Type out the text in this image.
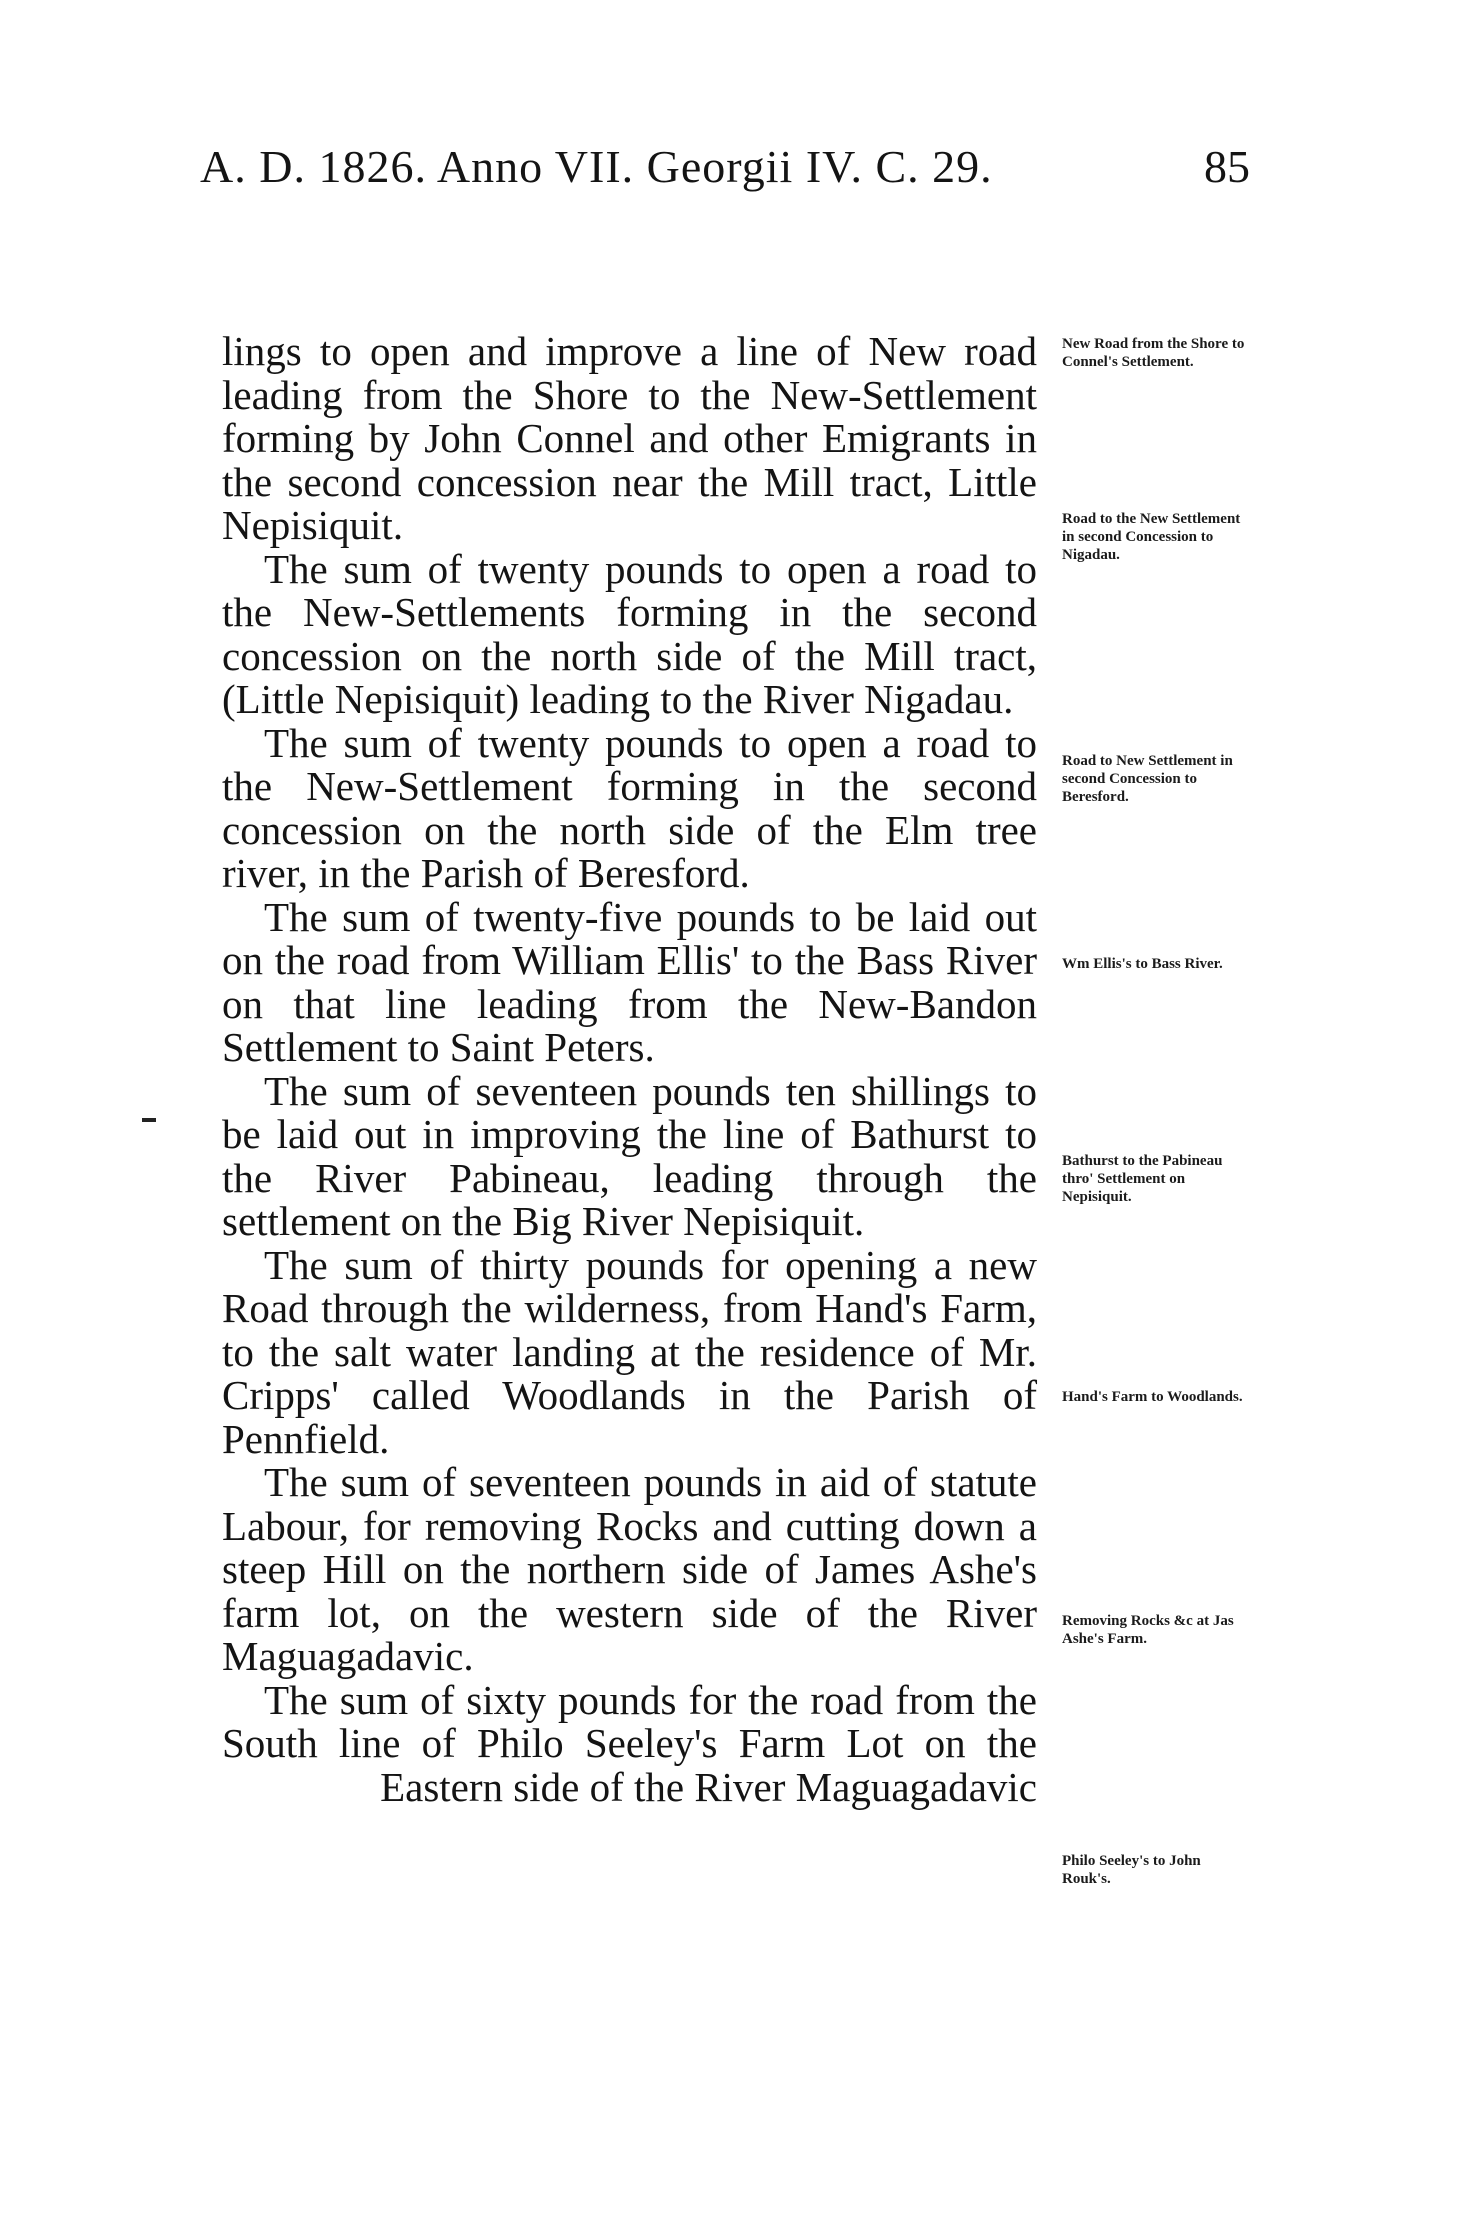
A. D. 1826. Anno VII. Georgii IV. C. 29.	85

lings to open and improve a line of New road leading from the Shore to the New-Settlement forming by John Connel and other Emigrants in the second concession near the Mill tract, Little Nepisiquit.

The sum of twenty pounds to open a road to the New-Settlements forming in the second concession on the north side of the Mill tract, (Little Nepisiquit) leading to the River Nigadau.

The sum of twenty pounds to open a road to the New-Settlement forming in the second concession on the north side of the Elm tree river, in the Parish of Beresford.

The sum of twenty-five pounds to be laid out on the road from William Ellis' to the Bass River on that line leading from the New-Bandon Settlement to Saint Peters.

The sum of seventeen pounds ten shillings to be laid out in improving the line of Bathurst to the River Pabineau, leading through the settlement on the Big River Nepisiquit.

The sum of thirty pounds for opening a new Road through the wilderness, from Hand's Farm, to the salt water landing at the residence of Mr. Cripps' called Woodlands in the Parish of Pennfield.

The sum of seventeen pounds in aid of statute Labour, for removing Rocks and cutting down a steep Hill on the northern side of James Ashe's farm lot, on the western side of the River Maguagadavic.

The sum of sixty pounds for the road from the South line of Philo Seeley's Farm Lot on the Eastern side of the River Maguagadavic

New Road from the Shore to Connel's Settlement.
Road to the New Settlement in second Concession to Nigadau.
Road to New Settlement in second Concession to Beresford.
Wm Ellis's to Bass River.
Bathurst to the Pabineau thro' Settlement on Nepisiquit.
Hand's Farm to Woodlands.
Removing Rocks &c at Jas Ashe's Farm.
Philo Seeley's to John Rouk's.
